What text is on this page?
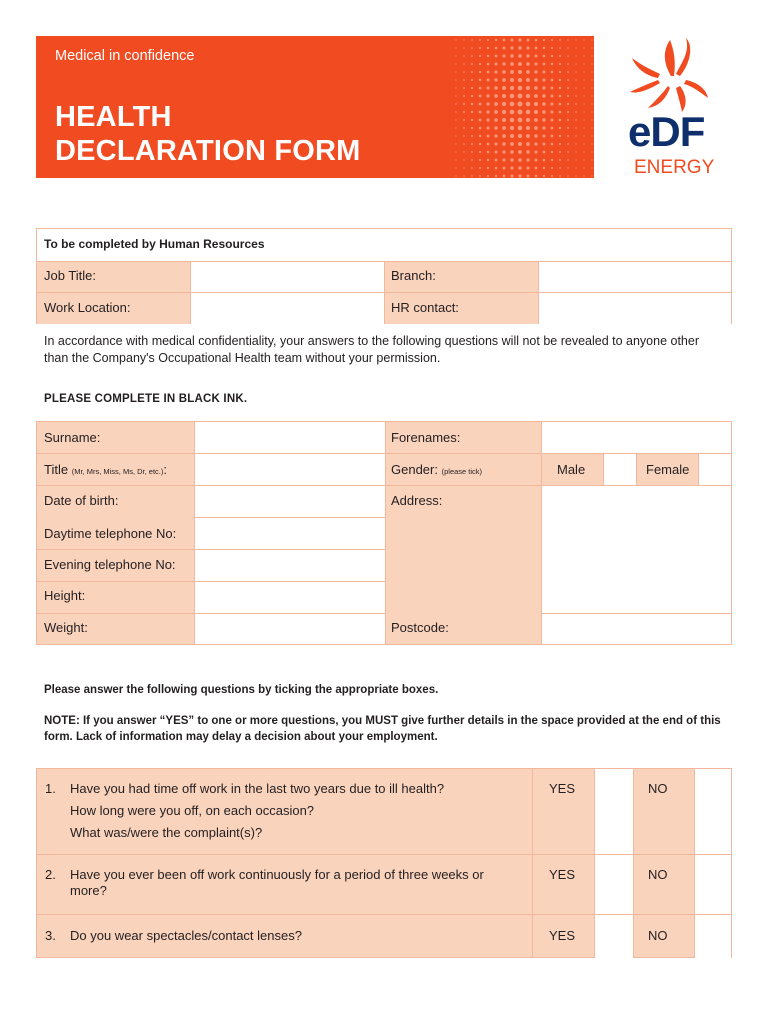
Medical in confidence
HEALTH
DECLARATION FORM	eDF
ENERGY
To be completed by Human Resources
Job Title:	Branch:
Work Location:	HR contact:
In accordance with medical confidentiality, your answers to the following questions will not be revealed to anyone other than the Company's Occupational Health team without your permission.
PLEASE COMPLETE IN BLACK INK.
Surname:	Forenames:
Title (Mr, Mrs, Miss, Ms, Dr, etc.):	Gender: (please tick)	Male	Female
Date of birth:	Address:
Daytime telephone No:
Evening telephone No:
Height:
Weight:	Postcode:
Please answer the following questions by ticking the appropriate boxes.
NOTE: If you answer “YES” to one or more questions, you MUST give further details in the space provided at the end of this form. Lack of information may delay a decision about your employment.
1. Have you had time off work in the last two years due to ill health?
How long were you off, on each occasion?
What was/were the complaint(s)?
YES	NO
2. Have you ever been off work continuously for a period of three weeks or more?
YES	NO
3. Do you wear spectacles/contact lenses?	YES	NO
